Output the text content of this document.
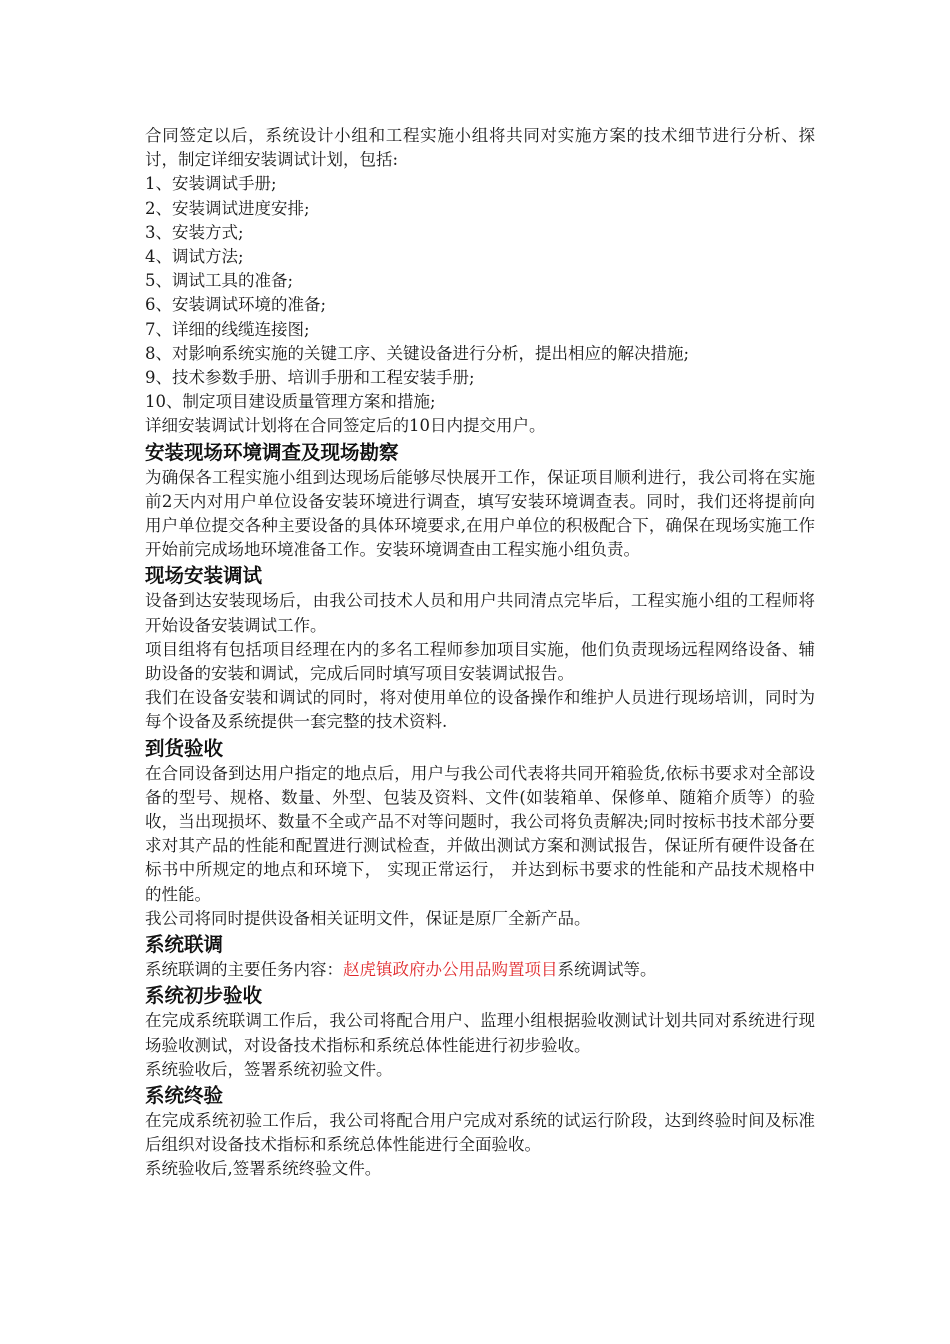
合同签定以后，系统设计小组和工程实施小组将共同对实施方案的技术细节进行分析、探讨，制定详细安装调试计划，包括:

1、安装调试手册;

2、安装调试进度安排;

3、安装方式;

4、调试方法;

5、调试工具的准备;

6、安装调试环境的准备;

7、详细的线缆连接图;

8、对影响系统实施的关键工序、关键设备进行分析，提出相应的解决措施;

9、技术参数手册、培训手册和工程安装手册;

10、制定项目建设质量管理方案和措施;

详细安装调试计划将在合同签定后的10日内提交用户。

安装现场环境调查及现场勘察

为确保各工程实施小组到达现场后能够尽快展开工作，保证项目顺利进行，我公司将在实施前2天内对用户单位设备安装环境进行调查，填写安装环境调查表。同时，我们还将提前向用户单位提交各种主要设备的具体环境要求,在用户单位的积极配合下，确保在现场实施工作开始前完成场地环境准备工作。安装环境调查由工程实施小组负责。

现场安装调试

设备到达安装现场后，由我公司技术人员和用户共同清点完毕后，工程实施小组的工程师将开始设备安装调试工作。

项目组将有包括项目经理在内的多名工程师参加项目实施，他们负责现场远程网络设备、辅助设备的安装和调试，完成后同时填写项目安装调试报告。

我们在设备安装和调试的同时，将对使用单位的设备操作和维护人员进行现场培训，同时为每个设备及系统提供一套完整的技术资料.

到货验收

在合同设备到达用户指定的地点后，用户与我公司代表将共同开箱验货,依标书要求对全部设备的型号、规格、数量、外型、包装及资料、文件(如装箱单、保修单、随箱介质等）的验收，当出现损坏、数量不全或产品不对等问题时，我公司将负责解决;同时按标书技术部分要求对其产品的性能和配置进行测试检查，并做出测试方案和测试报告，保证所有硬件设备在标书中所规定的地点和环境下， 实现正常运行， 并达到标书要求的性能和产品技术规格中的性能。

我公司将同时提供设备相关证明文件，保证是原厂全新产品。

系统联调

系统联调的主要任务内容：赵虎镇政府办公用品购置项目系统调试等。

系统初步验收

在完成系统联调工作后，我公司将配合用户、监理小组根据验收测试计划共同对系统进行现场验收测试，对设备技术指标和系统总体性能进行初步验收。

系统验收后，签署系统初验文件。

系统终验

在完成系统初验工作后，我公司将配合用户完成对系统的试运行阶段，达到终验时间及标准后组织对设备技术指标和系统总体性能进行全面验收。

系统验收后,签署系统终验文件。
